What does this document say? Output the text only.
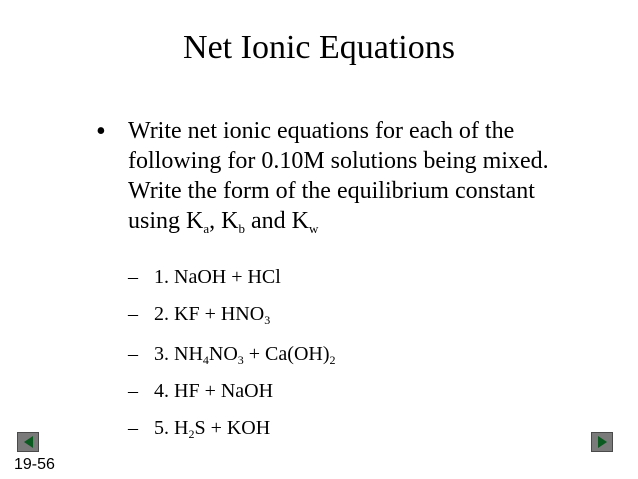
Net Ionic Equations
• Write net ionic equations for each of the
following for 0.10M solutions being mixed.
Write the form of the equilibrium constant
using $K_a$, $K_b$ and $K_w$
– 1. NaOH + HCl
– 2. KF + $HNO_3$
– 3. $NH_4NO_3 + Ca(OH)_2$
– 4. HF + NaOH
– 5. $H_2S$ + KOH
19-56
